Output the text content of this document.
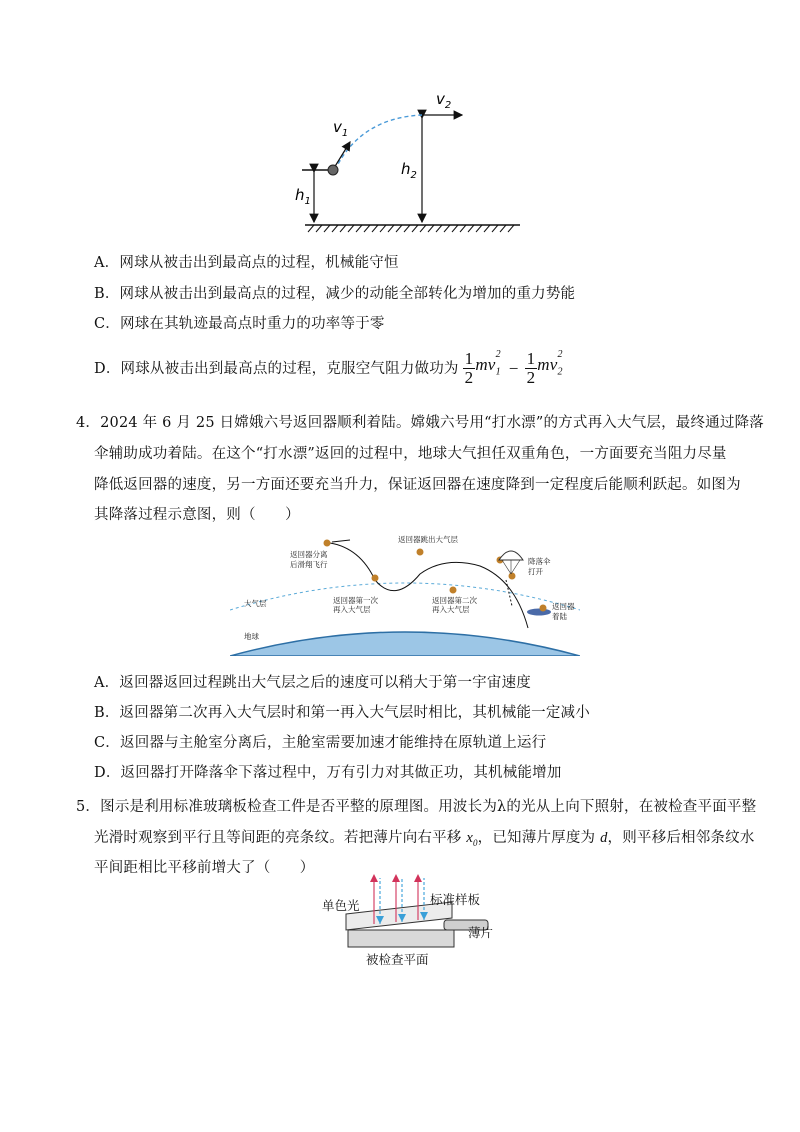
$v_1$
$v_2$
$h_1$
$h_2$
A．网球从被击出到最高点的过程，机械能守恒
B．网球从被击出到最高点的过程，减少的动能全部转化为增加的重力势能
C．网球在其轨迹最高点时重力的功率等于零
D．网球从被击出到最高点的过程，克服空气阻力做功为 $\frac{1}{2} mv_1$
2
− $\frac{1}{2} mv_2$
2
4．2024 年 6 月 25 日嫦娥六号返回器顺利着陆。嫦娥六号用“打水漂”的方式再入大气层，最终通过降落
伞辅助成功着陆。在这个“打水漂”返回的过程中，地球大气担任双重角色，一方面要充当阻力尽量
降低返回器的速度，另一方面还要充当升力，保证返回器在速度降到一定程度后能顺利跃起。如图为
其降落过程示意图，则（　　）
返回器分离
后滑翔飞行
返回器跳出大气层
返回器第一次
再入大气层
返回器第二次
再入大气层
降落伞
打开
返回器
着陆
大气层
地球
A．返回器返回过程跳出大气层之后的速度可以稍大于第一宇宙速度
B．返回器第二次再入大气层时和第一再入大气层时相比，其机械能一定减小
C．返回器与主舱室分离后，主舱室需要加速才能维持在原轨道上运行
D．返回器打开降落伞下落过程中，万有引力对其做正功，其机械能增加
5．图示是利用标准玻璃板检查工件是否平整的原理图。用波长为λ的光从上向下照射，在被检查平面平整
光滑时观察到平行且等间距的亮条纹。若把薄片向右平移 $x_0$，已知薄片厚度为 d，则平移后相邻条纹水
平间距相比平移前增大了（　　）
单色光	标准样板
薄片
被检查平面
